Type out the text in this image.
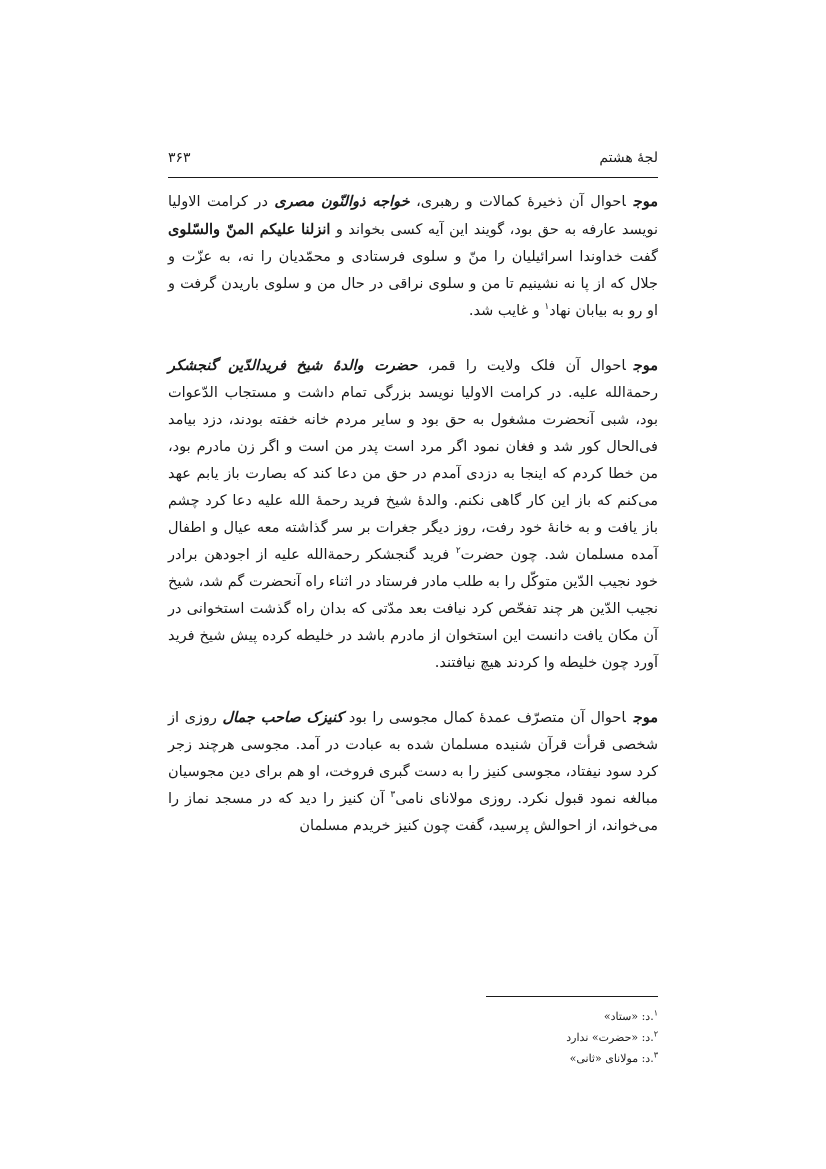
لجۀ هشتم
۳۶۳

موجاحوال آن ذخیرۀ کمالات و رهبری، خواجه ذوالنّون مصری در کرامت الاولیا نویسد عارفه به حق بود، گویند این آیه کسی بخواند و انزلنا علیکم المنّ والسّلوی گفت خداوندا اسرائیلیان را منّ و سلوی فرستادی و محمّدیان را نه، به عزّت و جلال که از پا نه نشینیم تا من و سلوی نراقی در حال من و سلوی باریدن گرفت و او رو به بیابان نهاد$^۱$ و غایب شد.

موجاحوال آن فلک ولایت را قمر، حضرت والدۀ شیخ فریدالدّین گنجشکر رحمةالله علیه. در کرامت الاولیا نویسد بزرگی تمام داشت و مستجاب الدّعوات بود، شبی آنحضرت مشغول به حق بود و سایر مردم خانه خفته بودند، دزد بیامد فی‌الحال کور شد و فغان نمود اگر مرد است پدر من است و اگر زن مادرم بود، من خطا کردم که اینجا به دزدی آمدم در حق من دعا کند که بصارت باز یابم عهد می‌کنم که باز این کار گاهی نکنم. والدۀ شیخ فرید رحمۀ الله علیه دعا کرد چشم باز یافت و به خانۀ خود رفت، روز دیگر جغرات بر سر گذاشته معه عیال و اطفال آمده مسلمان شد. چون حضرت$^۲$ فرید گنجشکر رحمةالله علیه از اجودهن برادر خود نجیب الدّین متوکّل را به طلب مادر فرستاد در اثناء راه آنحضرت گم شد، شیخ نجیب الدّین هر چند تفحّص کرد نیافت بعد مدّتی که بدان راه گذشت استخوانی در آن مکان یافت دانست این استخوان از مادرم باشد در خلیطه کرده پیش شیخ فرید آورد چون خلیطه وا کردند هیچ نیافتند.

موجاحوال آن متصرّف عمدۀ کمال مجوسی را بود کنیزک صاحب جمال روزی از شخصی قرأت قرآن شنیده مسلمان شده به عبادت در آمد. مجوسی هرچند زجر کرد سود نیفتاد، مجوسی کنیز را به دست گبری فروخت، او هم برای دین مجوسیان مبالغه نمود قبول نکرد. روزی مولانای نامی$^۳$ آن کنیز را دید که در مسجد نماز را می‌خواند، از احوالش پرسید، گفت چون کنیز خریدم مسلمان

$^۱$.د: «ستاد»
$^۲$.د: «حضرت» ندارد
$^۳$.د: مولانای «ثانی»
